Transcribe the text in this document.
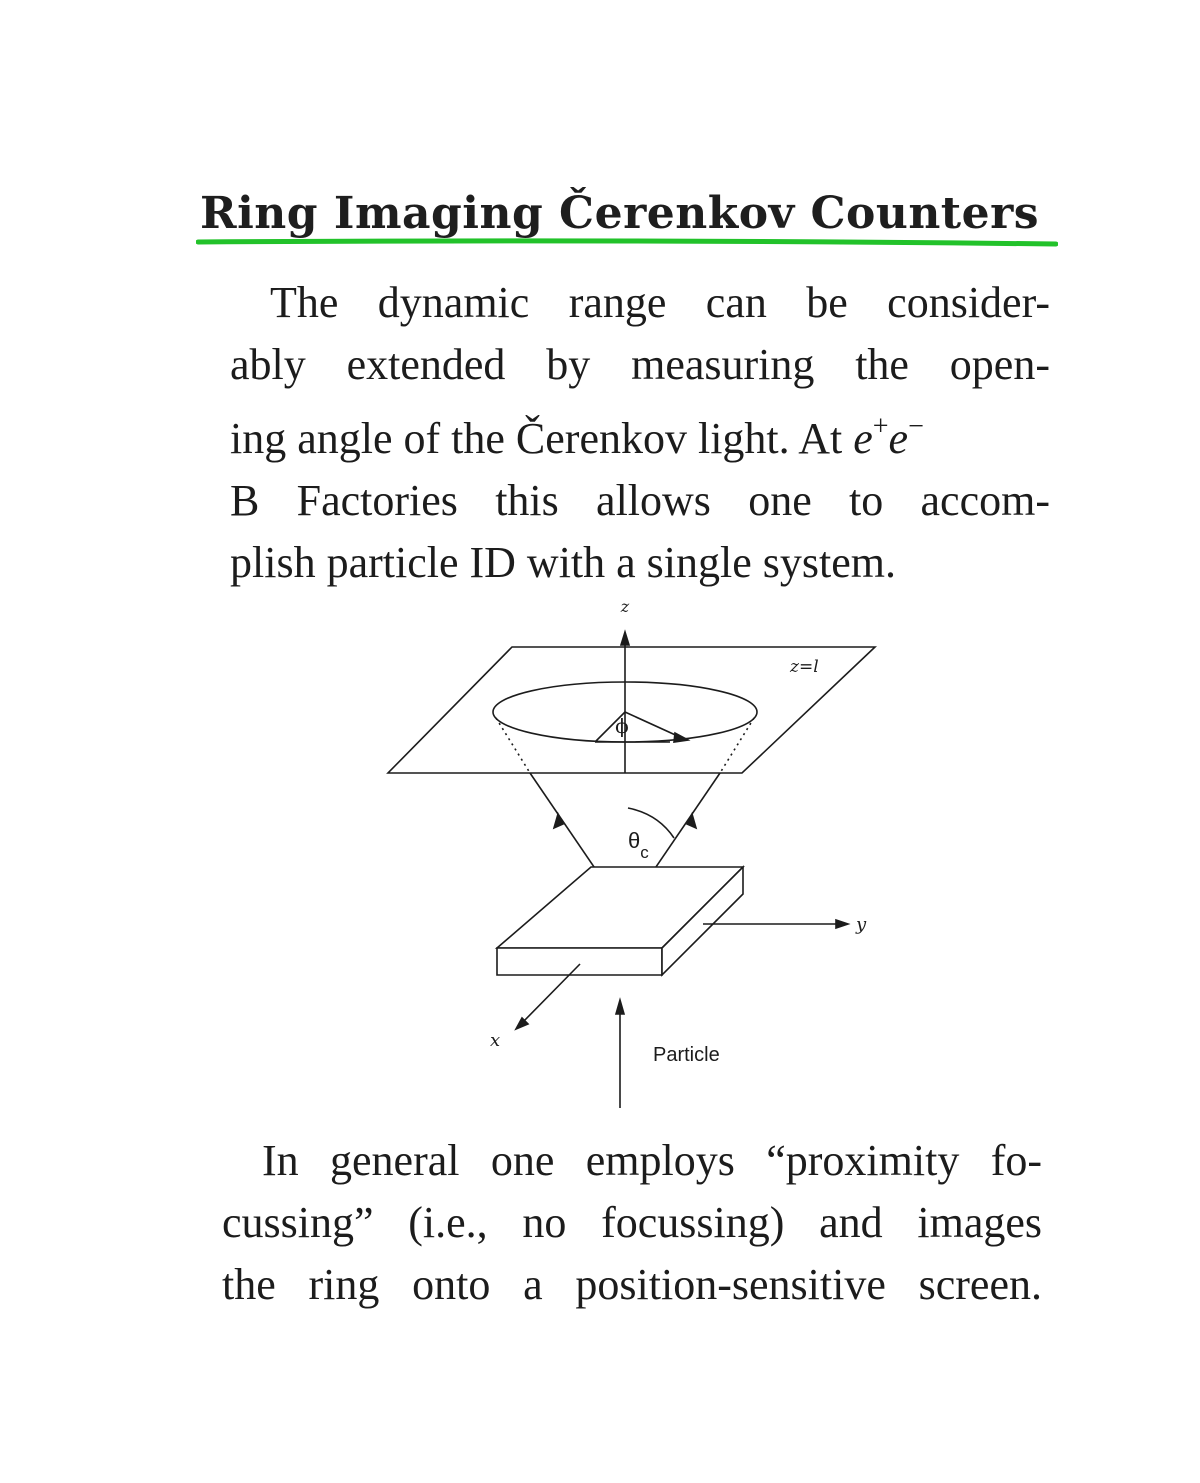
Ring Imaging Čerenkov Counters
The dynamic range can be consider-
ably extended by measuring the open-
ing angle of the Čerenkov light. At e+e−
B Factories this allows one to accom-
plish particle ID with a single system.
z
z=l
ϕ
$\theta_c$
y
x
Particle
In general one employs “proximity fo-
cussing” (i.e., no focussing) and images
the ring onto a position-sensitive screen.
